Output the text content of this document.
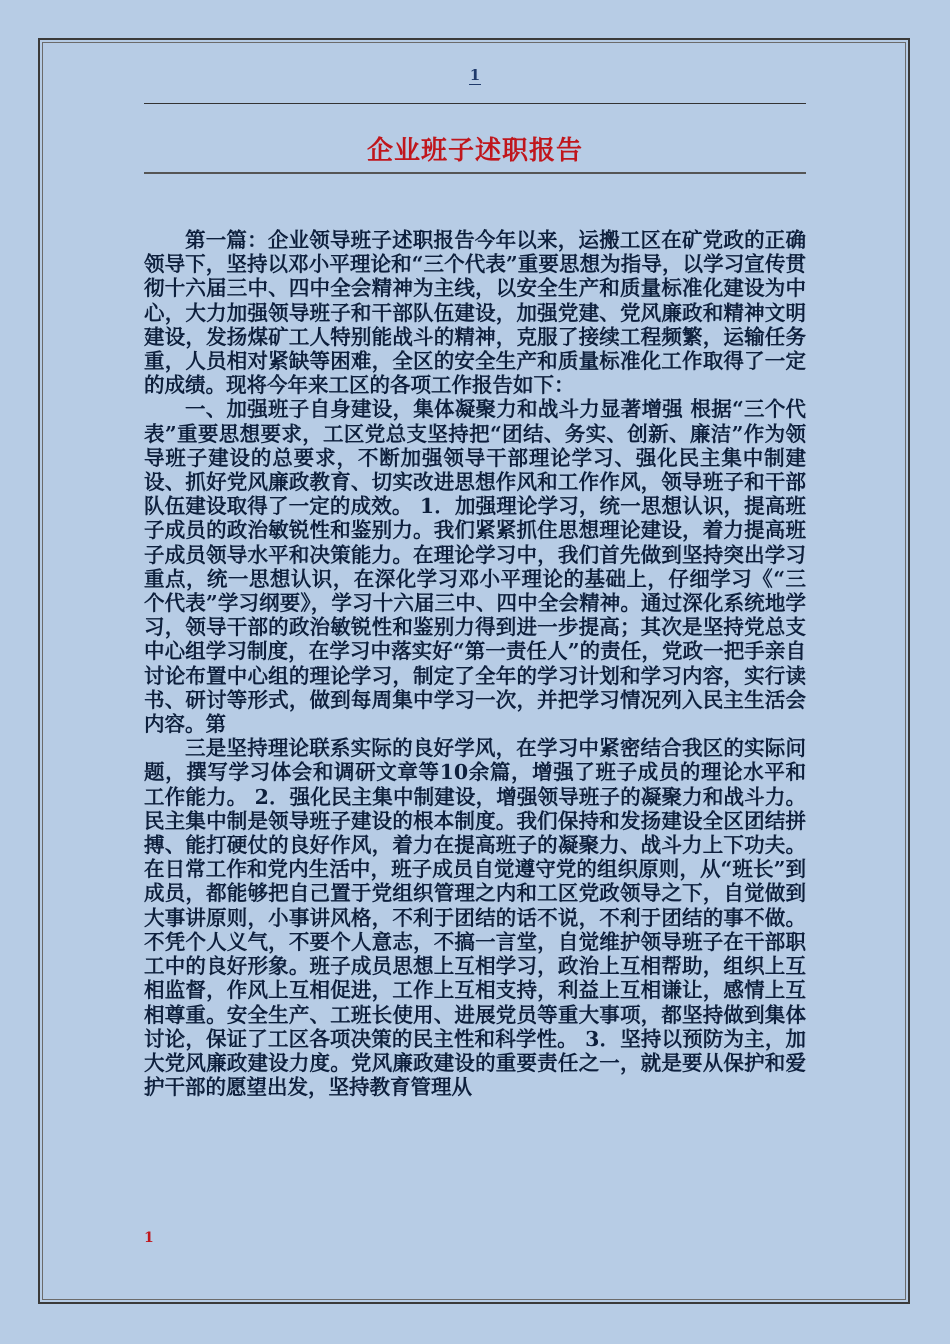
1
企业班子述职报告

第一篇：企业领导班子述职报告今年以来，运搬工区在矿党政的正确领导下，坚持以邓小平理论和“三个代表”重要思想为指导，以学习宣传贯彻十六届三中、四中全会精神为主线，以安全生产和质量标准化建设为中心，大力加强领导班子和干部队伍建设，加强党建、党风廉政和精神文明建设，发扬煤矿工人特别能战斗的精神，克服了接续工程频繁，运输任务重，人员相对紧缺等困难，全区的安全生产和质量标准化工作取得了一定的成绩。现将今年来工区的各项工作报告如下：

一、加强班子自身建设，集体凝聚力和战斗力显著增强 根据“三个代表”重要思想要求，工区党总支坚持把“团结、务实、创新、廉洁”作为领导班子建设的总要求，不断加强领导干部理论学习、强化民主集中制建设、抓好党风廉政教育、切实改进思想作风和工作作风，领导班子和干部队伍建设取得了一定的成效。 1．加强理论学习，统一思想认识，提高班子成员的政治敏锐性和鉴别力。我们紧紧抓住思想理论建设，着力提高班子成员领导水平和决策能力。在理论学习中，我们首先做到坚持突出学习重点，统一思想认识，在深化学习邓小平理论的基础上，仔细学习《“三个代表”学习纲要》，学习十六届三中、四中全会精神。通过深化系统地学习，领导干部的政治敏锐性和鉴别力得到进一步提高；其次是坚持党总支中心组学习制度，在学习中落实好“第一责任人”的责任，党政一把手亲自讨论布置中心组的理论学习，制定了全年的学习计划和学习内容，实行读书、研讨等形式，做到每周集中学习一次，并把学习情况列入民主生活会内容。第

三是坚持理论联系实际的良好学风，在学习中紧密结合我区的实际问题，撰写学习体会和调研文章等10余篇，增强了班子成员的理论水平和工作能力。 2．强化民主集中制建设，增强领导班子的凝聚力和战斗力。民主集中制是领导班子建设的根本制度。我们保持和发扬建设全区团结拼搏、能打硬仗的良好作风，着力在提高班子的凝聚力、战斗力上下功夫。在日常工作和党内生活中，班子成员自觉遵守党的组织原则，从“班长”到成员，都能够把自己置于党组织管理之内和工区党政领导之下，自觉做到大事讲原则，小事讲风格，不利于团结的话不说，不利于团结的事不做。不凭个人义气，不要个人意志，不搞一言堂，自觉维护领导班子在干部职工中的良好形象。班子成员思想上互相学习，政治上互相帮助，组织上互相监督，作风上互相促进，工作上互相支持，利益上互相谦让，感情上互相尊重。安全生产、工班长使用、进展党员等重大事项，都坚持做到集体讨论，保证了工区各项决策的民主性和科学性。 3．坚持以预防为主，加大党风廉政建设力度。党风廉政建设的重要责任之一，就是要从保护和爱护干部的愿望出发，坚持教育管理从

1
